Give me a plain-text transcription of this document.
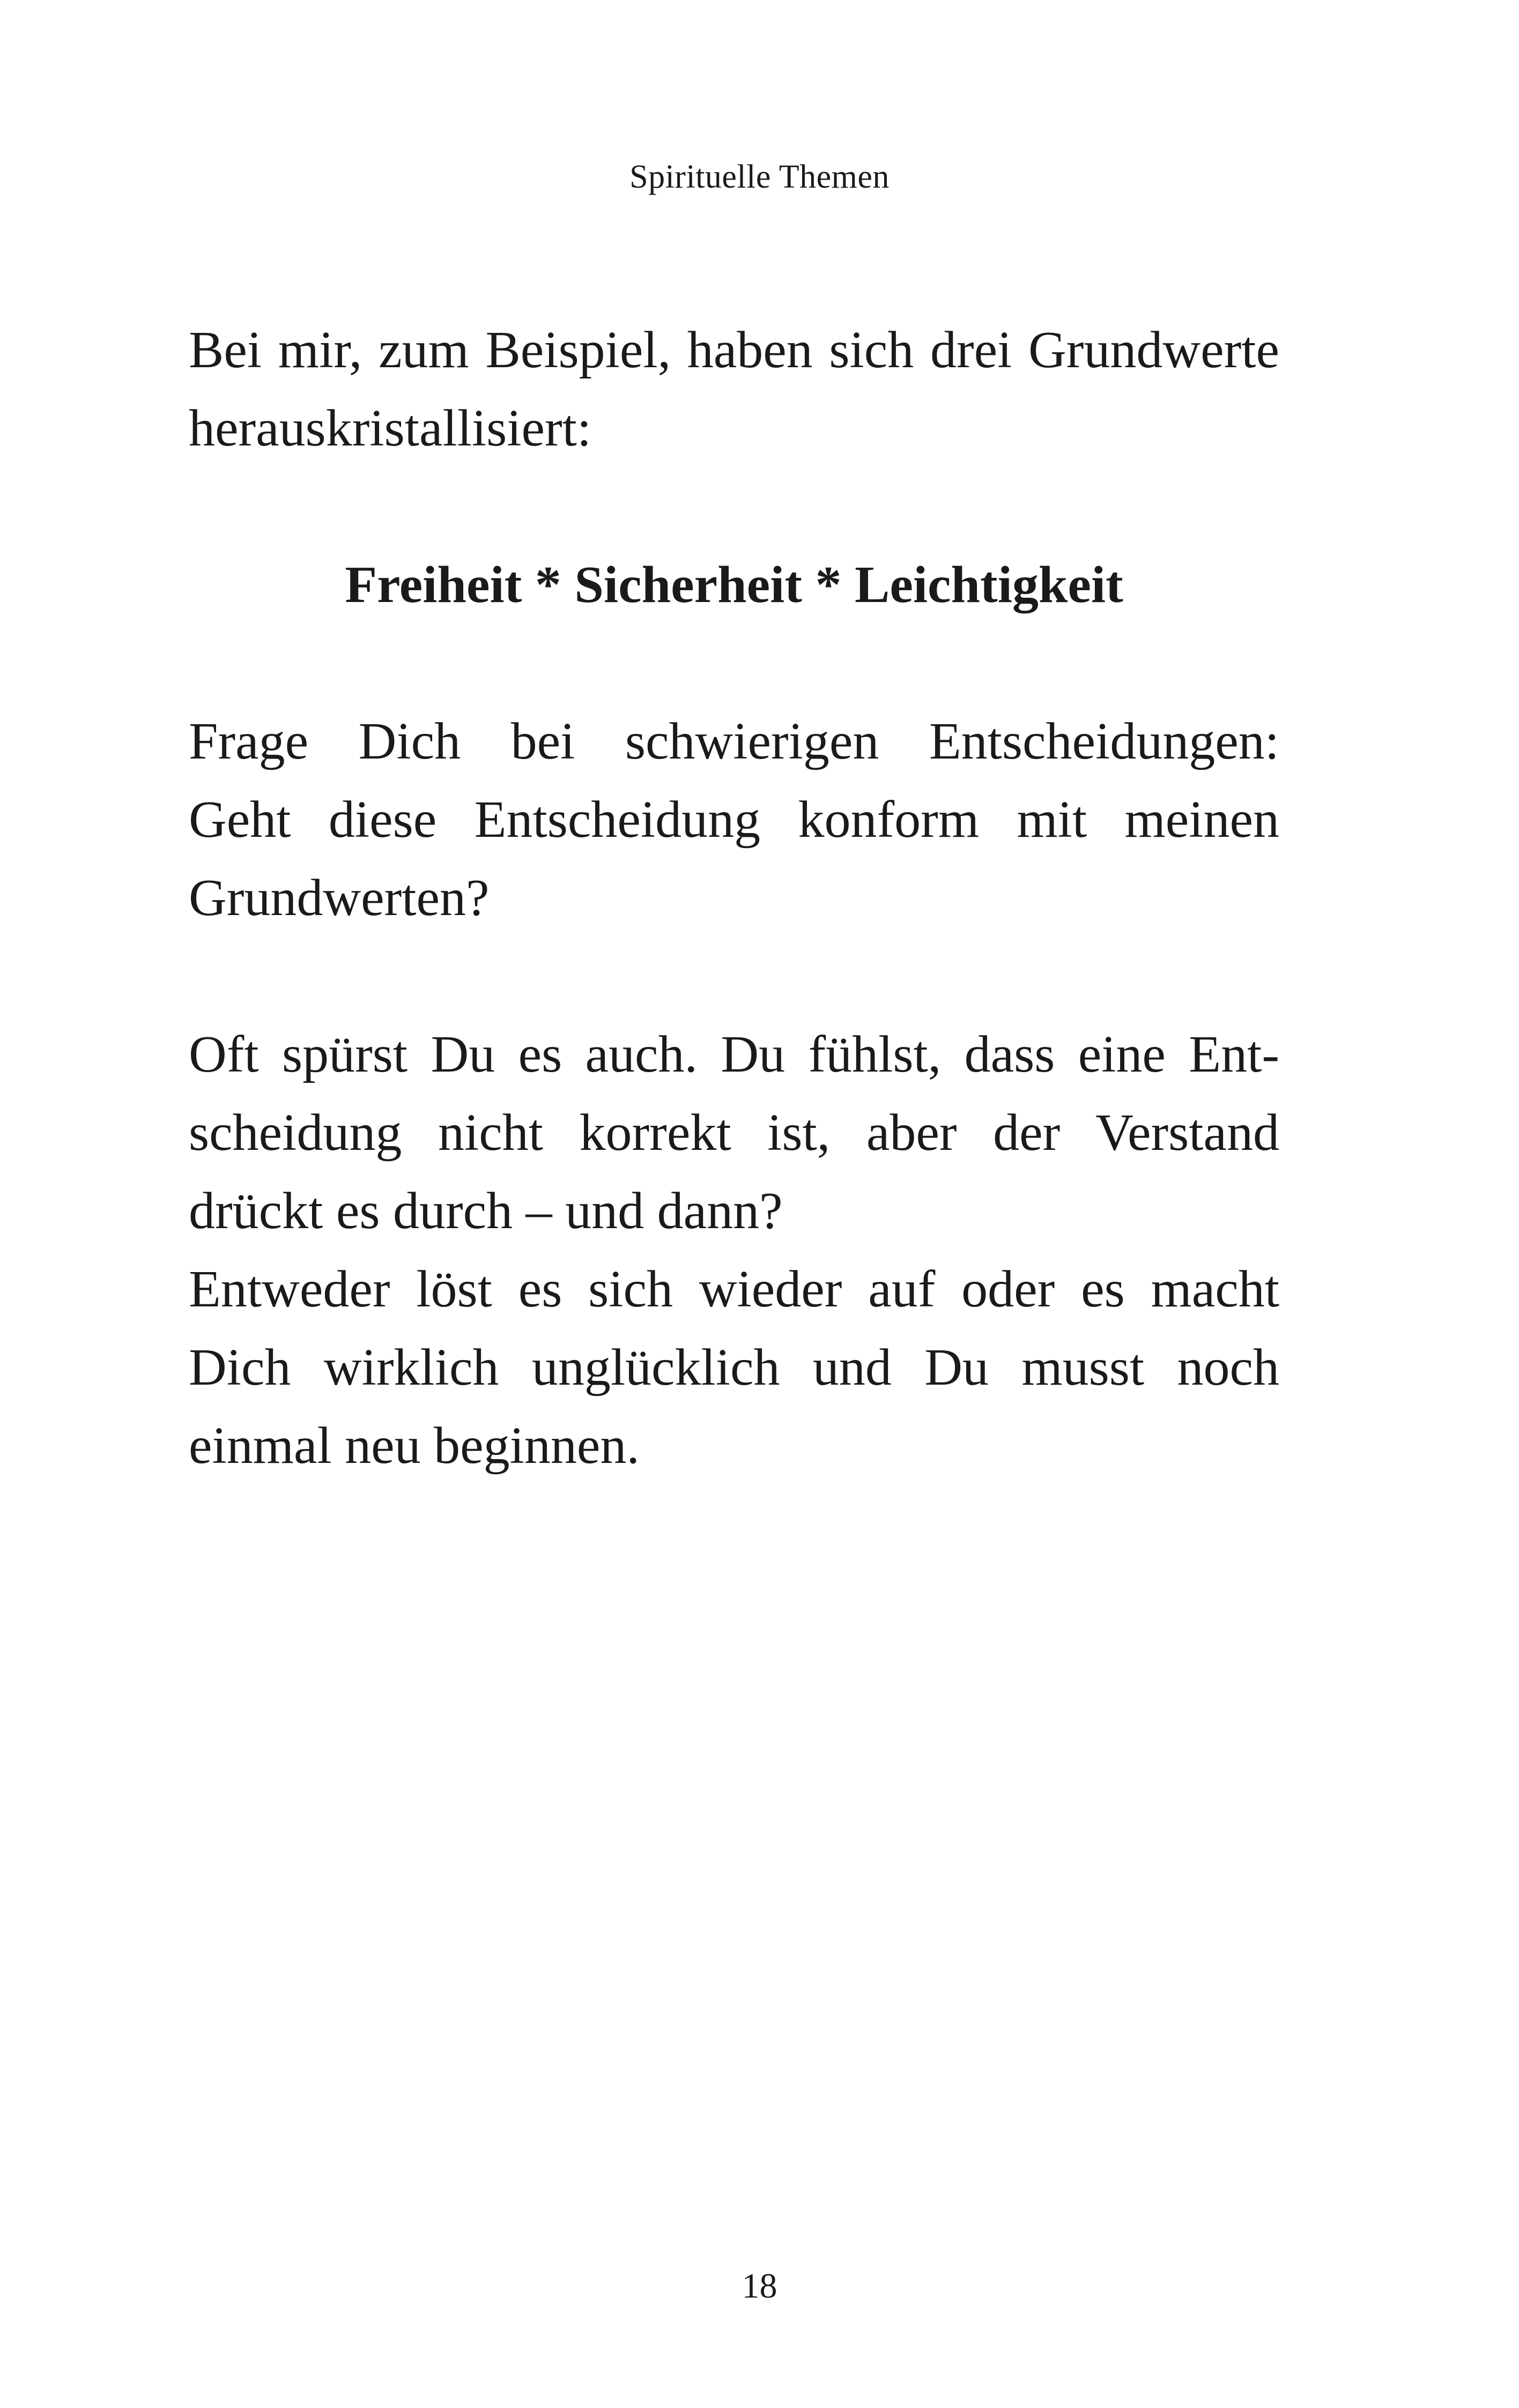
Spirituelle Themen

Bei mir, zum Beispiel, haben sich drei Grundwerte
herauskristallisiert:

Freiheit * Sicherheit * Leichtigkeit

Frage Dich bei schwierigen Entscheidungen:
Geht diese Entscheidung konform mit meinen
Grundwerten?

Oft spürst Du es auch. Du fühlst, dass eine Ent-
scheidung nicht korrekt ist, aber der Verstand
drückt es durch – und dann?

Entweder löst es sich wieder auf oder es macht
Dich wirklich unglücklich und Du musst noch
einmal neu beginnen.

18
